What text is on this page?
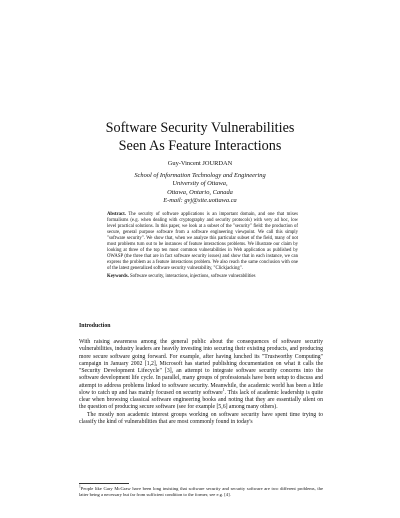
Software Security Vulnerabilities
Seen As Feature Interactions
Guy-Vincent JOURDAN
School of Information Technology and Engineering
University of Ottawa,
Ottawa, Ontario, Canada
E-mail: gvj@site.uottawa.ca
Abstract. The security of software applications is an important domain, and one that mixes formalisms (e.g. when dealing with cryptography and security protocols) with very ad hoc, low level practical solutions. In this paper, we look at a subset of the "security" field: the production of secure, general purpose software from a software engineering viewpoint. We call this simply "software security". We show that, when we analyze this particular subset of the field, many of not most problems turn out to be instances of feature interactions problems. We illustrate our claim by looking at three of the top ten most common vulnerabilities in Web application as published by OWASP (the three that are in fact software security issues) and show that in each instance, we can express the problem as a feature interactions problem. We also reach the same conclusion with one of the latest generalized software security vulnerability, "Clickjacking".
Keywords. Software security, interactions, injections, software vulnerabilities
Introduction

With raising awareness among the general public about the consequences of software security vulnerabilities, industry leaders are heavily investing into securing their existing products, and producing more secure software going forward. For example, after having lunched its "Trustworthy Computing" campaign in January 2002 [1,2], Microsoft has started publishing documentation on what it calls the "Security Development Lifecycle" [3], an attempt to integrate software security concerns into the software development life cycle. In parallel, many groups of professionals have been setup to discuss and attempt to address problems linked to software security. Meanwhile, the academic world has been a little slow to catch up and has mainly focused on security software$^1$. This lack of academic leadership is quite clear when browsing classical software engineering books and noting that they are essentially silent on the question of producing secure software (see for example [5,6] among many others).

The mostly non academic interest groups working on software security have spent time trying to classify the kind of vulnerabilities that are most commonly found in today's

$^1$People like Gary McGraw have been long insisting that software security and security software are two different problems, the latter being a necessary but far from sufficient condition to the former, see e.g. [4].
